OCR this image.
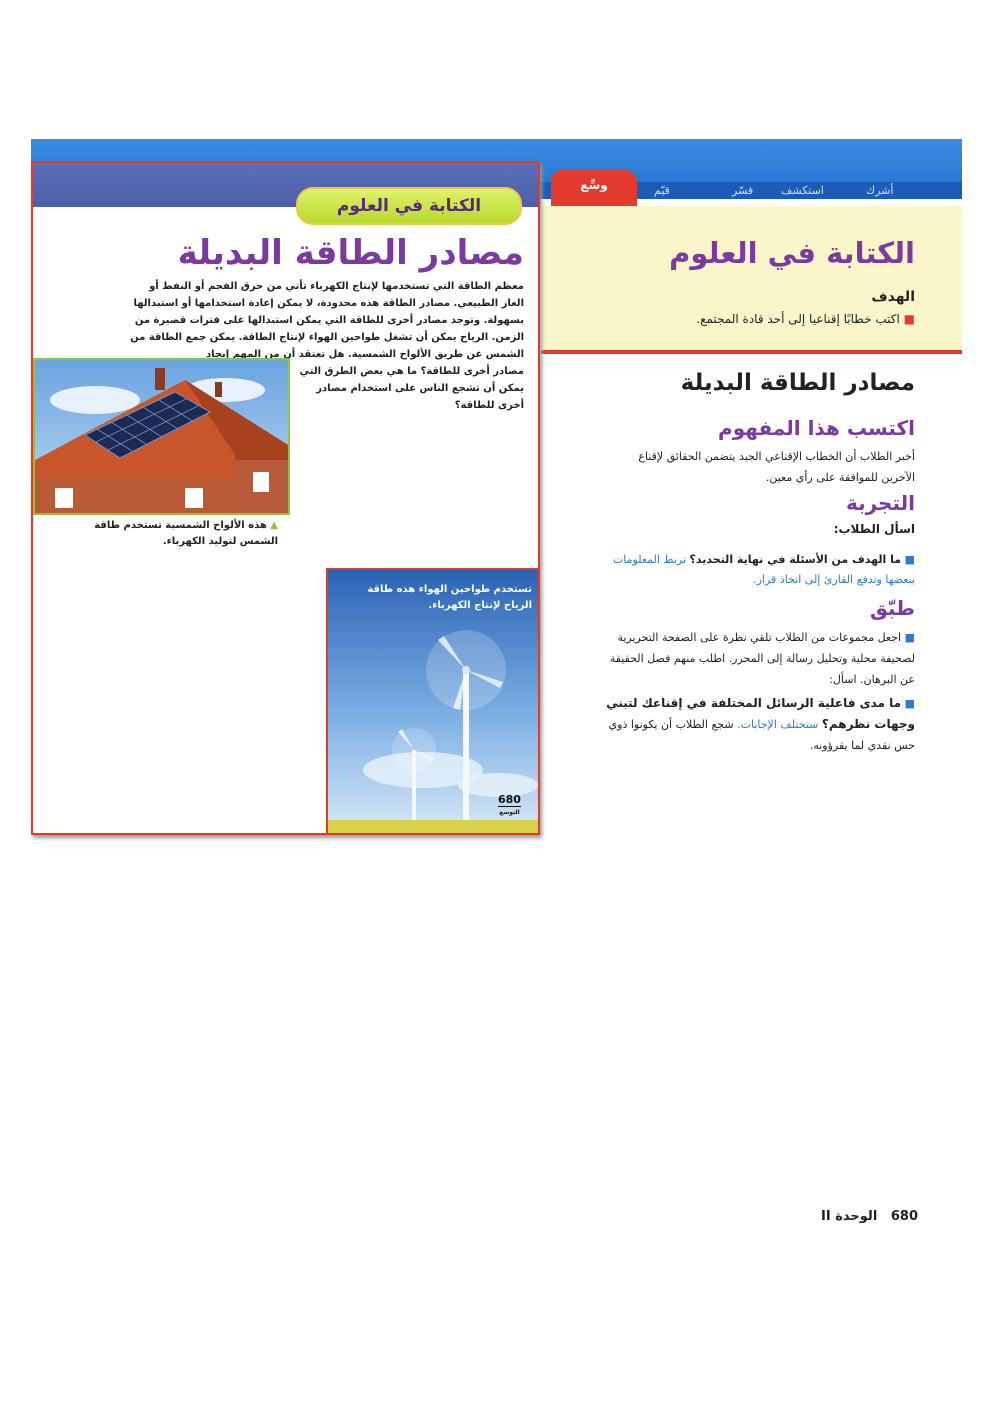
أشرك
استكشف
فسّر
قيّم
وسِّع
الكتابة في العلوم
الهدف
■ اكتب خطابًا إقناعيا إلى أحد قادة المجتمع.
مصادر الطاقة البديلة
اكتسب هذا المفهوم
أخبر الطلاب أن الخطاب الإقناعي الجيد يتضمن الحقائق لإقناع الآخرين للموافقة على رأي معين.
التجربة
اسأل الطلاب:
■ ما الهدف من الأسئلة في نهاية التحديد؟ تربط المعلومات ببعضها وتدفع القارئ إلى اتخاذ قرار.
طبّق
■ اجعل مجموعات من الطلاب تلقي نظرة على الصفحة التحريرية لصحيفة محلية وتحليل رسالة إلى المحرر. اطلب منهم فصل الحقيقة عن البرهان. اسأل:
■ ما مدى فاعلية الرسائل المختلفة في إقناعك لتبني وجهات نظرهم؟ ستختلف الإجابات. شجع الطلاب أن يكونوا ذوي حس نقدي لما يقرؤونه.
الكتابة في العلوم
مصادر الطاقة البديلة
معظم الطاقة التي تستخدمها لإنتاج الكهرباء تأتي من حرق الفحم أو النفط أو الغاز الطبيعي. مصادر الطاقة هذه محدودة، لا يمكن إعادة استخدامها أو استبدالها بسهولة. وتوجد مصادر أخرى للطاقة التي يمكن استبدالها على فترات قصيرة من الزمن. الرياح يمكن أن تشغل طواحين الهواء لإنتاج الطاقة. يمكن جمع الطاقة من الشمس عن طريق الألواح الشمسية. هل تعتقد أن من المهم إيجاد
مصادر أخرى للطاقة؟ ما هي بعض الطرق التي يمكن أن تشجع الناس على استخدام مصادر أخرى للطاقة؟
▲ هذه الألواح الشمسية تستخدم طاقة الشمس لتوليد الكهرباء.
تستخدم طواحين الهواء هذه طاقة الرياح لإنتاج الكهرباء.
680
التوسع
680   الوحدة II
